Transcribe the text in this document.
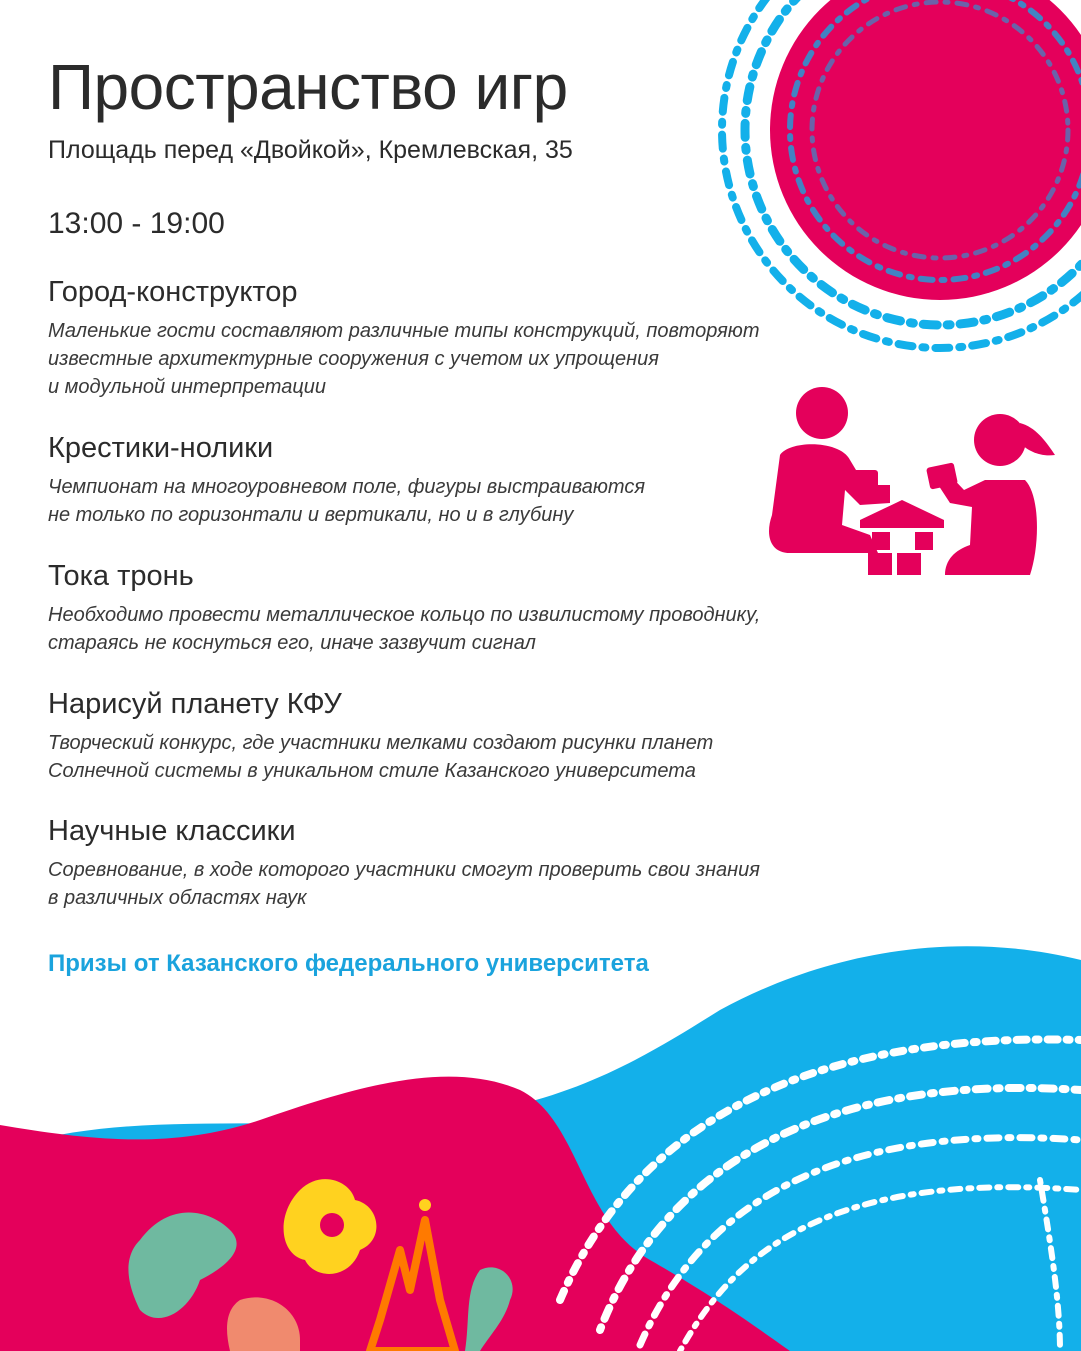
Пространство игр

Площадь перед «Двойкой», Кремлевская, 35

13:00 - 19:00

Город-конструктор

Маленькие гости составляют различные типы конструкций, повторяют
известные архитектурные сооружения с учетом их упрощения
и модульной интерпретации

Крестики-нолики

Чемпионат на многоуровневом поле, фигуры выстраиваются
не только по горизонтали и вертикали, но и в глубину

Тока тронь

Необходимо провести металлическое кольцо по извилистому проводнику,
стараясь не коснуться его, иначе зазвучит сигнал

Нарисуй планету КФУ

Творческий конкурс, где участники мелками создают рисунки планет
Солнечной системы в уникальном стиле Казанского университета

Научные классики

Соревнование, в ходе которого участники смогут проверить свои знания
в различных областях наук

Призы от Казанского федерального университета
